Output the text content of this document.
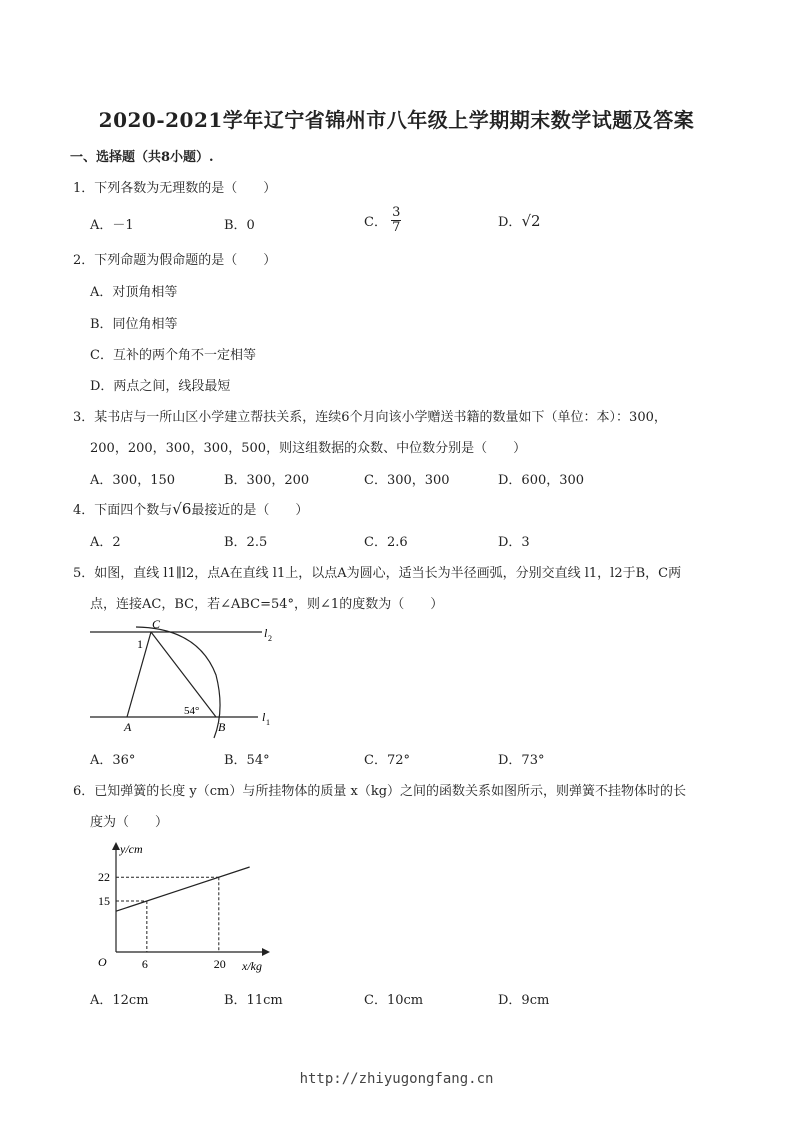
2020-2021学年辽宁省锦州市八年级上学期期末数学试题及答案
一、选择题（共8小题）.
1．下列各数为无理数的是（　　）
A．－1	B．0	C． $\frac{3}{7}$	D．√2
2．下列命题为假命题的是（　　）
A．对顶角相等
B．同位角相等
C．互补的两个角不一定相等
D．两点之间，线段最短
3．某书店与一所山区小学建立帮扶关系，连续6个月向该小学赠送书籍的数量如下（单位：本）：300，
200，200，300，300，500，则这组数据的众数、中位数分别是（　　）
A．300，150	B．300，200	C．300，300	D．600，300
4．下面四个数与√6最接近的是（　　）
A．2	B．2.5	C．2.6	D．3
5．如图，直线 l1∥l2，点A在直线 l1上，以点A为圆心，适当长为半径画弧，分别交直线 l1，l2于B，C两
点，连接AC，BC，若∠ABC=54°，则∠1的度数为（　　）
C
1
A	B
54°
l 2
l 1
A．36°	B．54°	C．72°	D．73°
6．已知弹簧的长度 y（cm）与所挂物体的质量 x（kg）之间的函数关系如图所示，则弹簧不挂物体时的长
度为（　　）
6	20
15
22
y/cm
x/kg
O
A．12cm	B．11cm	C．10cm	D．9cm
http://zhiyugongfang.cn
